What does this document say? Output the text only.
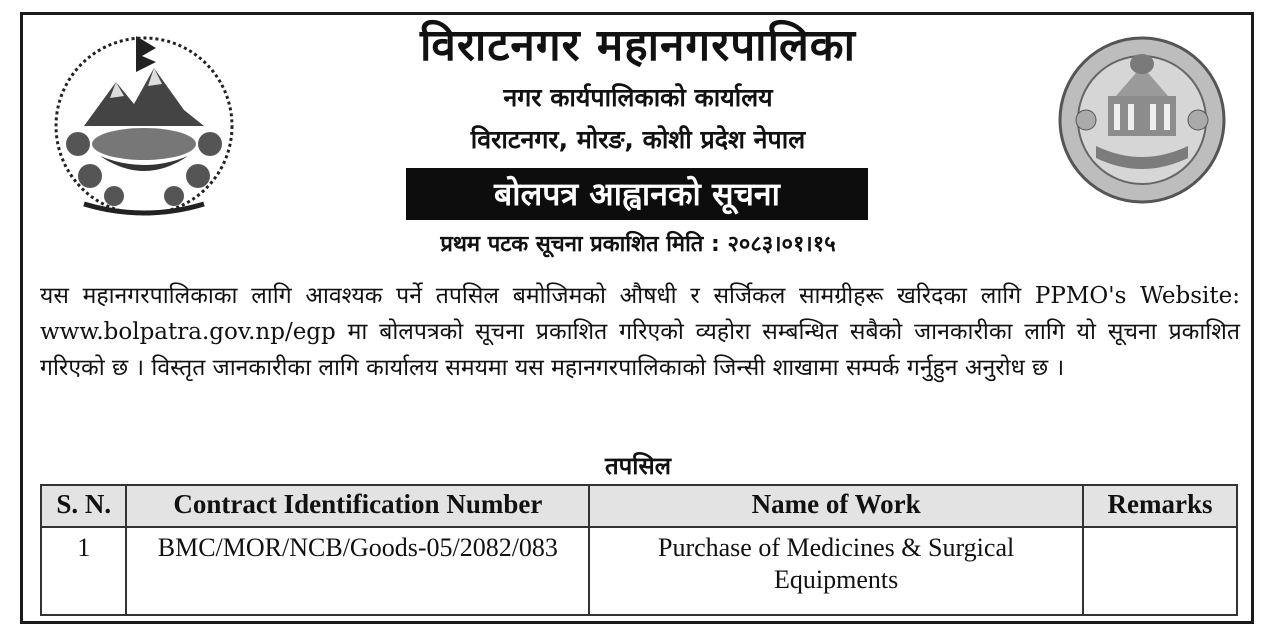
विराटनगर महानगरपालिका
नगर कार्यपालिकाको कार्यालय
विराटनगर, मोरङ, कोशी प्रदेश नेपाल
बोलपत्र आह्वानको सूचना
प्रथम पटक सूचना प्रकाशित मिति : २०८३।०१।१५
यस महानगरपालिकाका लागि आवश्यक पर्ने तपसिल बमोजिमको औषधी र सर्जिकल सामग्रीहरू खरिदका लागि PPMO's Website: www.bolpatra.gov.np/egp मा बोलपत्रको सूचना प्रकाशित गरिएको व्यहोरा सम्बन्धित सबैको जानकारीका लागि यो सूचना प्रकाशित गरिएको छ । विस्तृत जानकारीका लागि कार्यालय समयमा यस महानगरपालिकाको जिन्सी शाखामा सम्पर्क गर्नुहुन अनुरोध छ ।
तपसिल
S. N.	Contract Identification Number	Name of Work	Remarks
1	BMC/MOR/NCB/Goods-05/2082/083	Purchase of Medicines & Surgical Equipments	
